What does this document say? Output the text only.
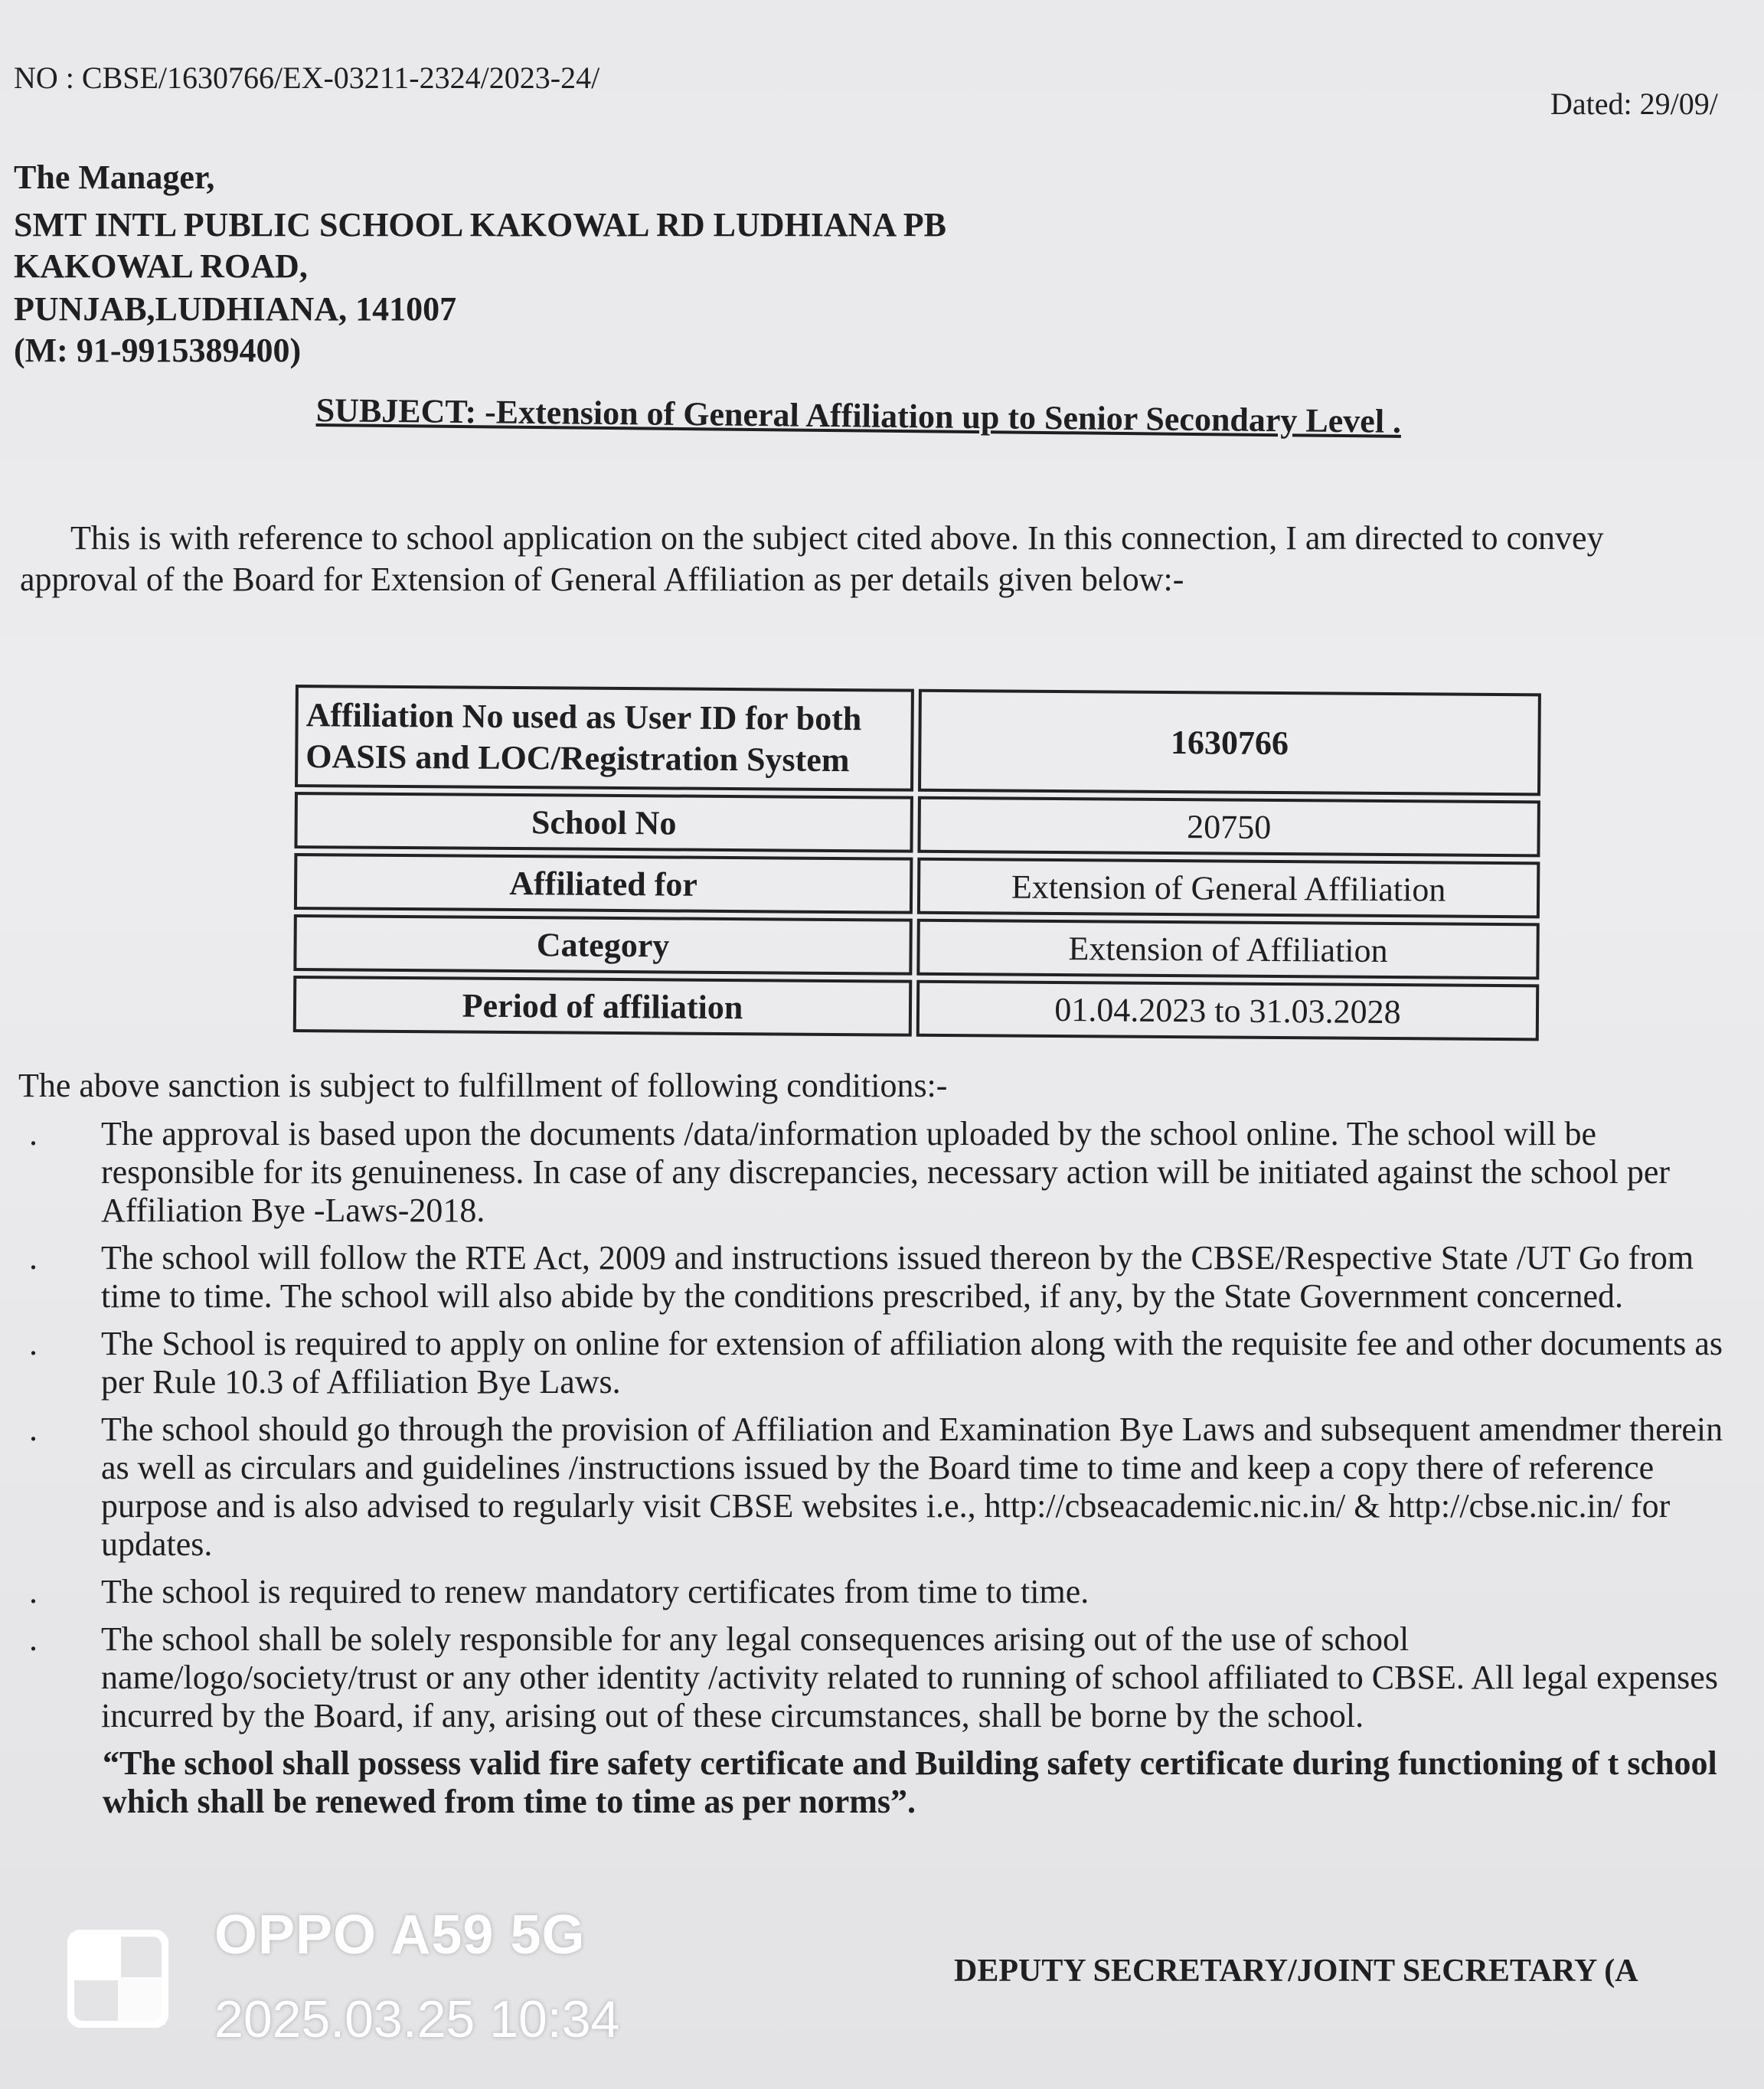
NO : CBSE/1630766/EX-03211-2324/2023-24/
Dated: 29/09/
The Manager,
SMT INTL PUBLIC SCHOOL KAKOWAL RD LUDHIANA PB
KAKOWAL ROAD,
PUNJAB,LUDHIANA, 141007
(M: 91-9915389400)
SUBJECT: -Extension of General Affiliation up to Senior Secondary Level .
This is with reference to school application on the subject cited above. In this connection, I am directed to convey
approval of the Board for Extension of General Affiliation as per details given below:-
Affiliation No used as User ID for both
OASIS and LOC/Registration System	1630766
School No	20750
Affiliated for	Extension of General Affiliation
Category	Extension of Affiliation
Period of affiliation	01.04.2023 to 31.03.2028
The above sanction is subject to fulfillment of following conditions:-
. The approval is based upon the documents /data/information uploaded by the school online. The school will be responsible for its genuineness. In case of any discrepancies, necessary action will be initiated against the school per Affiliation Bye -Laws-2018.
. The school will follow the RTE Act, 2009 and instructions issued thereon by the CBSE/Respective State /UT Go from time to time. The school will also abide by the conditions prescribed, if any, by the State Government concerned.
. The School is required to apply on online for extension of affiliation along with the requisite fee and other documents as per Rule 10.3 of Affiliation Bye Laws.
. The school should go through the provision of Affiliation and Examination Bye Laws and subsequent amendmer therein as well as circulars and guidelines /instructions issued by the Board time to time and keep a copy there of reference purpose and is also advised to regularly visit CBSE websites i.e., http://cbseacademic.nic.in/ & http://cbse.nic.in/ for updates.
. The school is required to renew mandatory certificates from time to time.
. The school shall be solely responsible for any legal consequences arising out of the use of school name/logo/society/trust or any other identity /activity related to running of school affiliated to CBSE. All legal expenses incurred by the Board, if any, arising out of these circumstances, shall be borne by the school.
“The school shall possess valid fire safety certificate and Building safety certificate during functioning of t school which shall be renewed from time to time as per norms”.
DEPUTY SECRETARY/JOINT SECRETARY (A
OPPO A59 5G
2025.03.25 10:34
